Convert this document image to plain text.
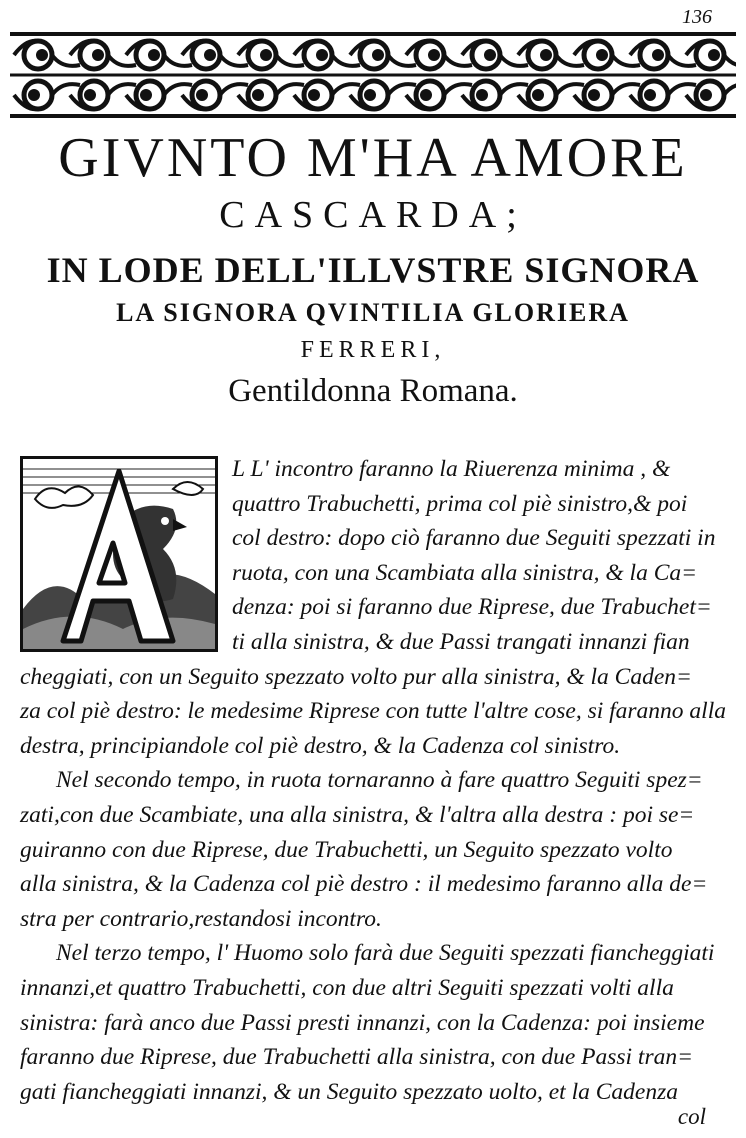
136
GIVNTO M'HA AMORE
CASCARDA;
IN LODE DELL'ILLVSTRE SIGNORA
LA SIGNORA QVINTILIA GLORIERA
FERRERI,
Gentildonna Romana.
L L' incontro faranno la Riuerenza minima , &
quattro Trabuchetti, prima col piè sinistro,& poi
col destro: dopo ciò faranno due Seguiti spezzati in
ruota, con una Scambiata alla sinistra, & la Ca=
denza: poi si faranno due Riprese, due Trabuchet=
ti alla sinistra, & due Passi trangati innanzi fian
cheggiati, con un Seguito spezzato volto pur alla sinistra, & la Caden=
za col piè destro: le medesime Riprese con tutte l'altre cose, si faranno alla
destra, principiandole col piè destro, & la Cadenza col sinistro.
Nel secondo tempo, in ruota tornaranno à fare quattro Seguiti spez=
zati,con due Scambiate, una alla sinistra, & l'altra alla destra : poi se=
guiranno con due Riprese, due Trabuchetti, un Seguito spezzato volto
alla sinistra, & la Cadenza col piè destro : il medesimo faranno alla de=
stra per contrario,restandosi incontro.
Nel terzo tempo, l' Huomo solo farà due Seguiti spezzati fiancheggiati
innanzi,et quattro Trabuchetti, con due altri Seguiti spezzati volti alla
sinistra: farà anco due Passi presti innanzi, con la Cadenza: poi insieme
faranno due Riprese, due Trabuchetti alla sinistra, con due Passi tran=
gati fiancheggiati innanzi, & un Seguito spezzato uolto, et la Cadenza
col
